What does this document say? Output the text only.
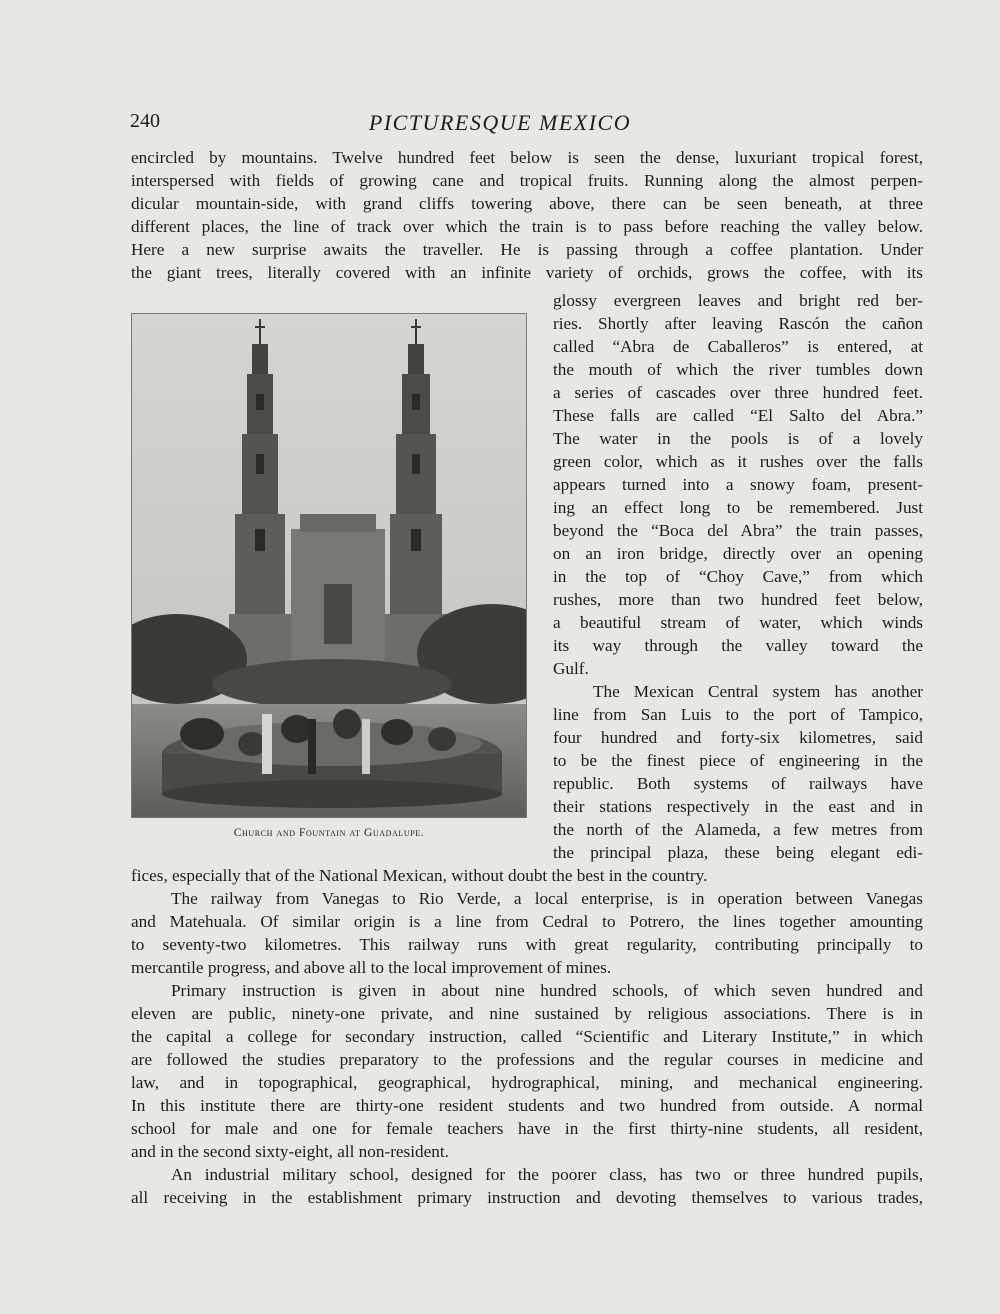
240	PICTURESQUE MEXICO
encircled by mountains. Twelve hundred feet below is seen the dense, luxuriant tropical forest,
interspersed with fields of growing cane and tropical fruits. Running along the almost perpen-
dicular mountain-side, with grand cliffs towering above, there can be seen beneath, at three
different places, the line of track over which the train is to pass before reaching the valley below.
Here a new surprise awaits the traveller. He is passing through a coffee plantation. Under
the giant trees, literally covered with an infinite variety of orchids, grows the coffee, with its
Church and Fountain at Guadalupe.
glossy evergreen leaves and bright red ber-
ries. Shortly after leaving Rascón the cañon
called “Abra de Caballeros” is entered, at
the mouth of which the river tumbles down
a series of cascades over three hundred feet.
These falls are called “El Salto del Abra.”
The water in the pools is of a lovely
green color, which as it rushes over the falls
appears turned into a snowy foam, present-
ing an effect long to be remembered. Just
beyond the “Boca del Abra” the train passes,
on an iron bridge, directly over an opening
in the top of “Choy Cave,” from which
rushes, more than two hundred feet below,
a beautiful stream of water, which winds
its way through the valley toward the
Gulf.
The Mexican Central system has another
line from San Luis to the port of Tampico,
four hundred and forty-six kilometres, said
to be the finest piece of engineering in the
republic. Both systems of railways have
their stations respectively in the east and in
the north of the Alameda, a few metres from
the principal plaza, these being elegant edi-
fices, especially that of the National Mexican, without doubt the best in the country.
The railway from Vanegas to Rio Verde, a local enterprise, is in operation between Vanegas
and Matehuala. Of similar origin is a line from Cedral to Potrero, the lines together amounting
to seventy-two kilometres. This railway runs with great regularity, contributing principally to
mercantile progress, and above all to the local improvement of mines.
Primary instruction is given in about nine hundred schools, of which seven hundred and
eleven are public, ninety-one private, and nine sustained by religious associations. There is in
the capital a college for secondary instruction, called “Scientific and Literary Institute,” in which
are followed the studies preparatory to the professions and the regular courses in medicine and
law, and in topographical, geographical, hydrographical, mining, and mechanical engineering.
In this institute there are thirty-one resident students and two hundred from outside. A normal
school for male and one for female teachers have in the first thirty-nine students, all resident,
and in the second sixty-eight, all non-resident.
An industrial military school, designed for the poorer class, has two or three hundred pupils,
all receiving in the establishment primary instruction and devoting themselves to various trades,
